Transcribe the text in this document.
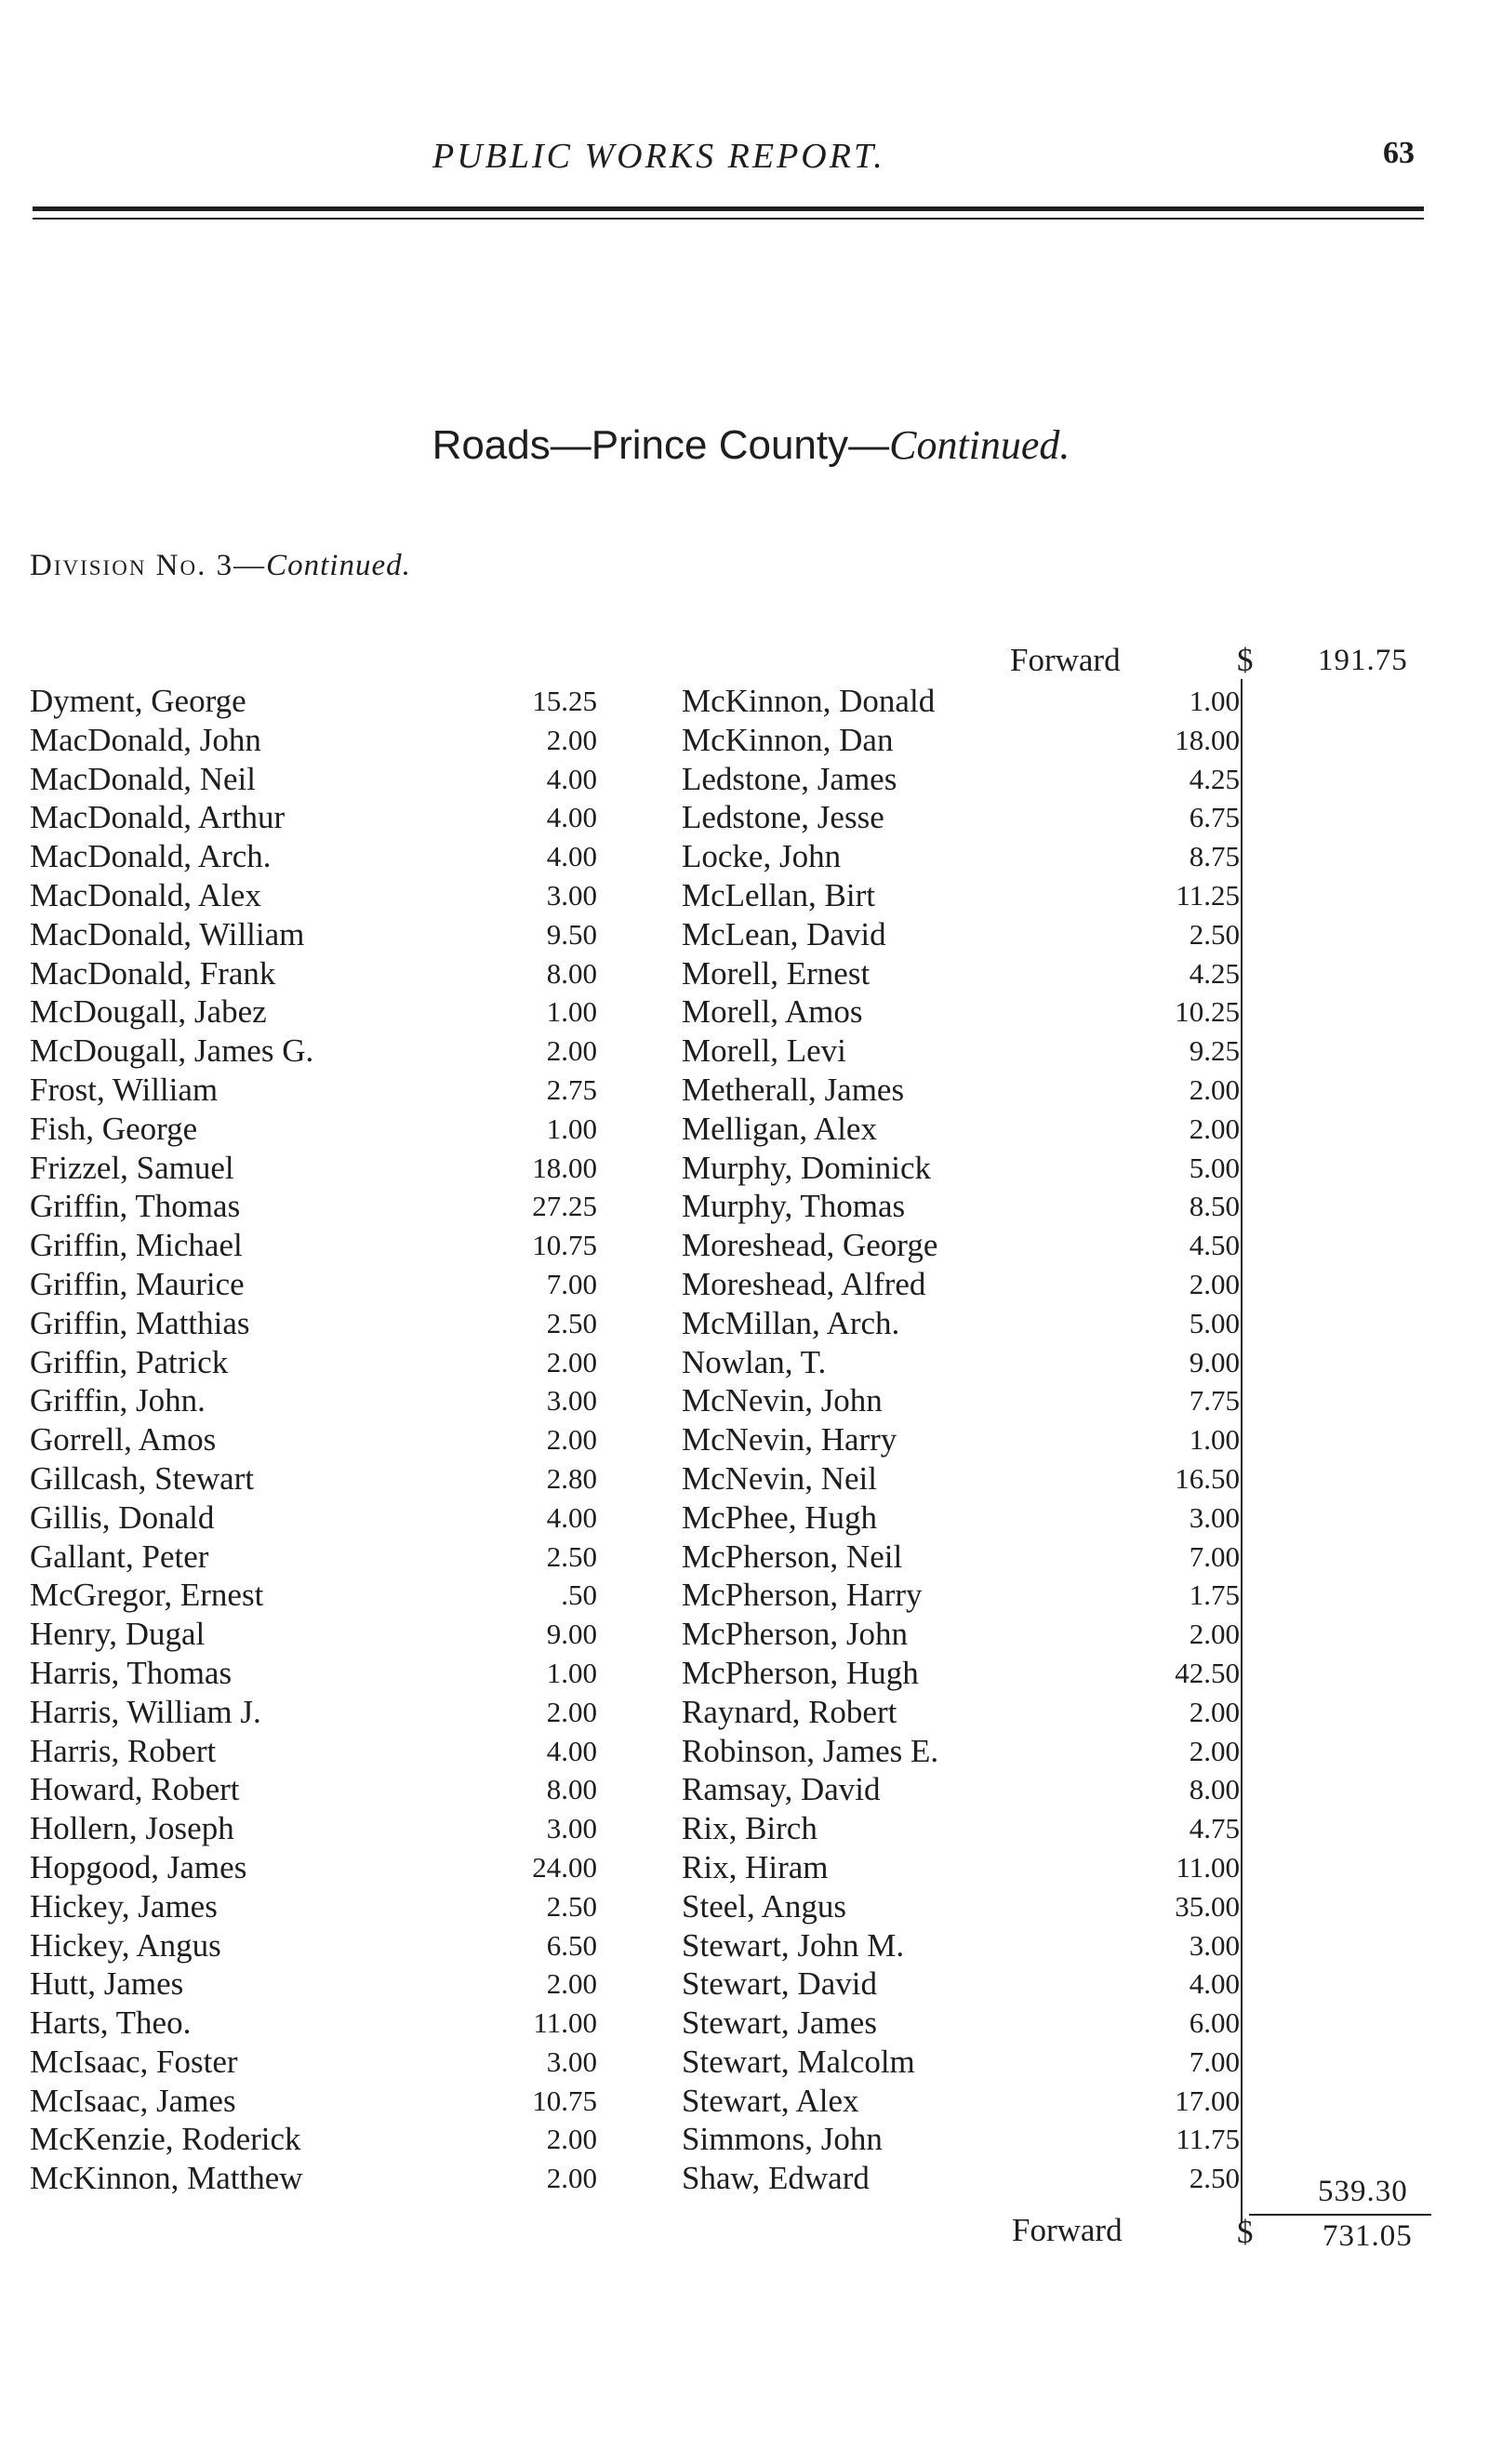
PUBLIC WORKS REPORT.	63
Roads—Prince County—Continued.
Division No. 3—Continued.
Forward	$ 191.75
Dyment, George	15.25
MacDonald, John	2.00
MacDonald, Neil	4.00
MacDonald, Arthur	4.00
MacDonald, Arch.	4.00
MacDonald, Alex	3.00
MacDonald, William	9.50
MacDonald, Frank	8.00
McDougall, Jabez	1.00
McDougall, James G.	2.00
Frost, William	2.75
Fish, George	1.00
Frizzel, Samuel	18.00
Griffin, Thomas	27.25
Griffin, Michael	10.75
Griffin, Maurice	7.00
Griffin, Matthias	2.50
Griffin, Patrick	2.00
Griffin, John.	3.00
Gorrell, Amos	2.00
Gillcash, Stewart	2.80
Gillis, Donald	4.00
Gallant, Peter	2.50
McGregor, Ernest	.50
Henry, Dugal	9.00
Harris, Thomas	1.00
Harris, William J.	2.00
Harris, Robert	4.00
Howard, Robert	8.00
Hollern, Joseph	3.00
Hopgood, James	24.00
Hickey, James	2.50
Hickey, Angus	6.50
Hutt, James	2.00
Harts, Theo.	11.00
McIsaac, Foster	3.00
McIsaac, James	10.75
McKenzie, Roderick	2.00
McKinnon, Matthew	2.00
McKinnon, Donald	1.00
McKinnon, Dan	18.00
Ledstone, James	4.25
Ledstone, Jesse	6.75
Locke, John	8.75
McLellan, Birt	11.25
McLean, David	2.50
Morell, Ernest	4.25
Morell, Amos	10.25
Morell, Levi	9.25
Metherall, James	2.00
Melligan, Alex	2.00
Murphy, Dominick	5.00
Murphy, Thomas	8.50
Moreshead, George	4.50
Moreshead, Alfred	2.00
McMillan, Arch.	5.00
Nowlan, T.	9.00
McNevin, John	7.75
McNevin, Harry	1.00
McNevin, Neil	16.50
McPhee, Hugh	3.00
McPherson, Neil	7.00
McPherson, Harry	1.75
McPherson, John	2.00
McPherson, Hugh	42.50
Raynard, Robert	2.00
Robinson, James E.	2.00
Ramsay, David	8.00
Rix, Birch	4.75
Rix, Hiram	11.00
Steel, Angus	35.00
Stewart, John M.	3.00
Stewart, David	4.00
Stewart, James	6.00
Stewart, Malcolm	7.00
Stewart, Alex	17.00
Simmons, John	11.75
Shaw, Edward	2.50	539.30
Forward	$ 731.05
